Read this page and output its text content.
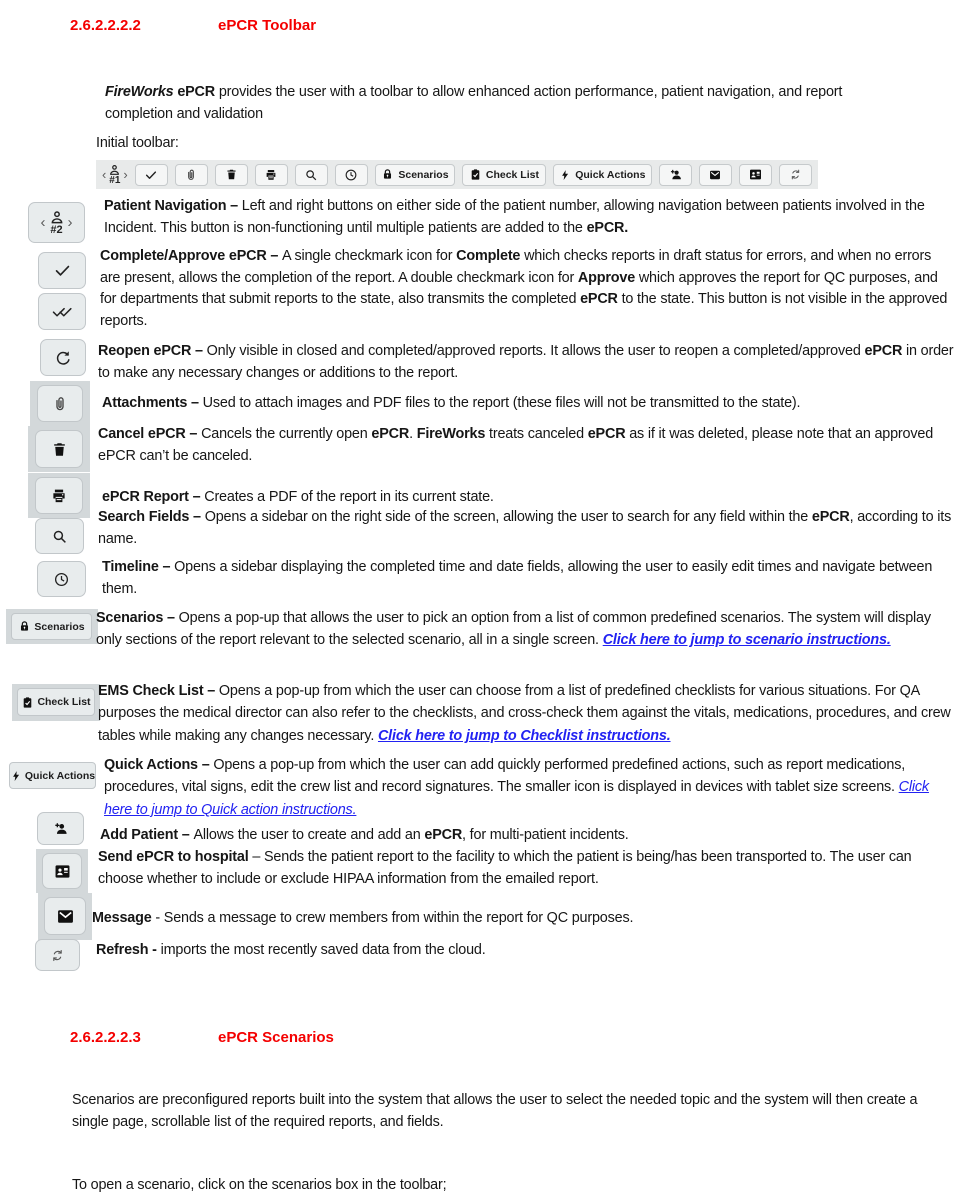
2.6.2.2.2.2	ePCR Toolbar
FireWorks ePCR provides the user with a toolbar to allow enhanced action performance, patient navigation, and report completion and validation
Initial toolbar:
‹ #1 ›	Scenarios	Check List	Quick Actions
‹ #2 ›
Patient Navigation – Left and right buttons on either side of the patient number, allowing navigation between patients involved in the Incident. This button is non-functioning until multiple patients are added to the ePCR.
Complete/Approve ePCR – A single checkmark icon for Complete which checks reports in draft status for errors, and when no errors are present, allows the completion of the report. A double checkmark icon for Approve which approves the report for QC purposes, and for departments that submit reports to the state, also transmits the completed ePCR to the state. This button is not visible in the approved reports.
Reopen ePCR – Only visible in closed and completed/approved reports. It allows the user to reopen a completed/approved ePCR in order to make any necessary changes or additions to the report.
Attachments – Used to attach images and PDF files to the report (these files will not be transmitted to the state).
Cancel ePCR – Cancels the currently open ePCR. FireWorks treats canceled ePCR as if it was deleted, please note that an approved ePCR can’t be canceled.
ePCR Report – Creates a PDF of the report in its current state.
Search Fields – Opens a sidebar on the right side of the screen, allowing the user to search for any field within the ePCR, according to its name.
Timeline – Opens a sidebar displaying the completed time and date fields, allowing the user to easily edit times and navigate between them.
Scenarios
Scenarios – Opens a pop-up that allows the user to pick an option from a list of common predefined scenarios. The system will display only sections of the report relevant to the selected scenario, all in a single screen. Click here to jump to scenario instructions.
Check List
EMS Check List – Opens a pop-up from which the user can choose from a list of predefined checklists for various situations. For QA purposes the medical director can also refer to the checklists, and cross-check them against the vitals, medications, procedures, and crew tables while making any changes necessary. Click here to jump to Checklist instructions.
Quick Actions
Quick Actions – Opens a pop-up from which the user can add quickly performed predefined actions, such as report medications, procedures, vital signs, edit the crew list and record signatures. The smaller icon is displayed in devices with tablet size screens. Click here to jump to Quick action instructions.
Add Patient – Allows the user to create and add an ePCR, for multi-patient incidents.
Send ePCR to hospital – Sends the patient report to the facility to which the patient is being/has been transported to. The user can choose whether to include or exclude HIPAA information from the emailed report.
Message - Sends a message to crew members from within the report for QC purposes.
Refresh - imports the most recently saved data from the cloud.
2.6.2.2.2.3	ePCR Scenarios
Scenarios are preconfigured reports built into the system that allows the user to select the needed topic and the system will then create a single page, scrollable list of the required reports, and fields.
To open a scenario, click on the scenarios box in the toolbar;
